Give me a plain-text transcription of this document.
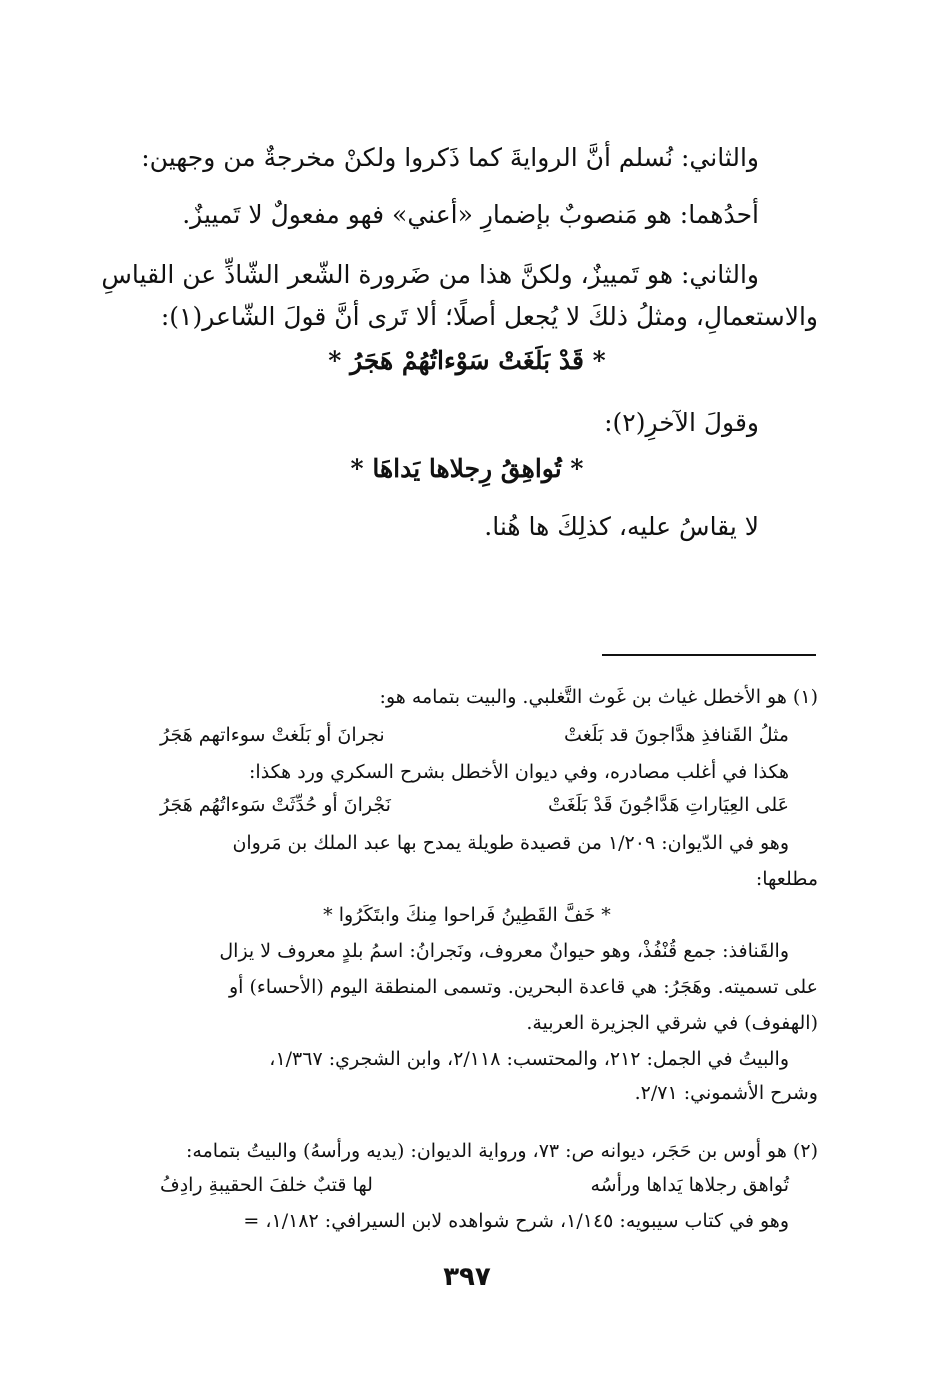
والثاني: نُسلم أنَّ الروايةَ كما ذَكروا ولكنْ مخرجةٌ من وجهين:
أحدُهما: هو مَنصوبٌ بإضمارِ «أعني» فهو مفعولٌ لا تَمييزٌ.
والثاني: هو تَمييزٌ، ولكنَّ هذا من ضَرورة الشّعر الشّاذِّ عن القياسِ
والاستعمالِ، ومثلُ ذلكَ لا يُجعل أصلًا؛ ألا تَرى أنَّ قولَ الشّاعر(١):
* قَدْ بَلَغَتْ سَوْءاتُهُمْ هَجَرُ *
وقولَ الآخرِ(٢):
* تُواهِقُ رِجلاها يَداهَا *
لا يقاسُ عليه، كذلِكَ ها هُنا.
(١) هو الأخطل غياث بن غَوث التَّغلبي. والبيت بتمامه هو:
مثلُ القَنافذِ هدَّاجونَ قد بَلَغتْ
نجرانَ أو بَلَغتْ سوءاتهم هَجَرُ
هكذا في أغلب مصادره، وفي ديوان الأخطل بشرح السكري ورد هكذا:
عَلى العِيَاراتِ هَدَّاجُونَ قَدْ بَلَغَتْ
نَجْرانَ أو حُدِّثَتْ سَوءاتُهُم هَجَرُ
وهو في الدّيوان: ١/٢٠٩ من قصيدة طويلة يمدح بها عبد الملك بن مَروان
مطلعها:
* خَفَّ القَطِينُ فَراحوا مِنكَ وابتَكَرُوا *
والقَنافذ: جمع قُنْفُذْ، وهو حيوانٌ معروف، ونَجرانُ: اسمُ بلدٍ معروف لا يزال
على تسميته. وهَجَرُ: هي قاعدة البحرين. وتسمى المنطقة اليوم (الأحساء) أو
(الهفوف) في شرقي الجزيرة العربية.
والبيتُ في الجمل: ٢١٢، والمحتسب: ٢/١١٨، وابن الشجري: ١/٣٦٧،
وشرح الأشموني: ٢/٧١.
(٢) هو أوس بن حَجَر، ديوانه ص: ٧٣، ورواية الديوان: (يديه ورأسهُ) والبيتُ بتمامه:
تُواهق رجلاها يَداها ورأسُه
لها قتبٌ خلفَ الحقيبةِ رادِفُ
وهو في كتاب سيبويه: ١/١٤٥، شرح شواهده لابن السيرافي: ١/١٨٢، =
٣٩٧
